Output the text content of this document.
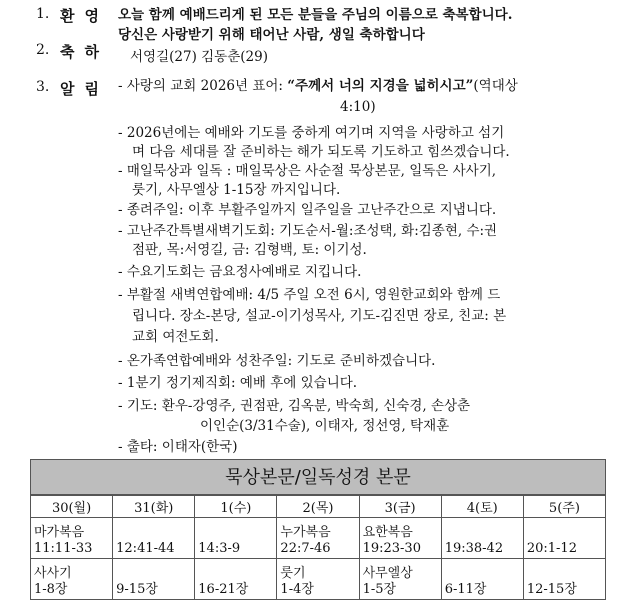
1. 환영
2. 축하
3. 알림
오늘 함께 예배드리게 된 모든 분들을 주님의 이름으로 축복합니다.
당신은 사랑받기 위해 태어난 사람, 생일 축하합니다
서영길(27) 김동춘(29)
- 사랑의 교회 2026년 표어: “주께서 너의 지경을 넓히시고”(역대상
4:10)
- 2026년에는 예배와 기도를 중하게 여기며 지역을 사랑하고 섬기
며 다음 세대를 잘 준비하는 해가 되도록 기도하고 힘쓰겠습니다.
- 매일묵상과 일독 : 매일묵상은 사순절 묵상본문, 일독은 사사기,
룻기, 사무엘상 1-15장 까지입니다.
- 종려주일: 이후 부활주일까지 일주일을 고난주간으로 지냅니다.
- 고난주간특별새벽기도회: 기도순서-월:조성택, 화:김종현, 수:권
점판, 목:서영길, 금: 김형백, 토: 이기성.
- 수요기도회는 금요정사예배로 지킵니다.
- 부활절 새벽연합예배: 4/5 주일 오전 6시, 영원한교회와 함께 드
립니다. 장소-본당, 설교-이기성목사, 기도-김진면 장로, 친교: 본
교회 여전도회.
- 온가족연합예배와 성찬주일: 기도로 준비하겠습니다.
- 1분기 정기제직회: 예배 후에 있습니다.
- 기도: 환우-강영주, 권점판, 김옥분, 박숙희, 신숙경, 손상춘
이인순(3/31수술), 이태자, 정선영, 탁재훈
- 출타: 이태자(한국)
묵상본문/일독성경 본문
30(월)	31(화)	1(수)	2(목)	3(금)	4(토)	5(주)

마가복음
11:11-33	12:41-44	14:3-9	누가복음
22:7-46	요한복음
19:23-30	19:38-42	20:1-12

사사기
1-8장	9-15장	16-21장	룻기
1-4장	사무엘상
1-5장	6-11장	12-15장
